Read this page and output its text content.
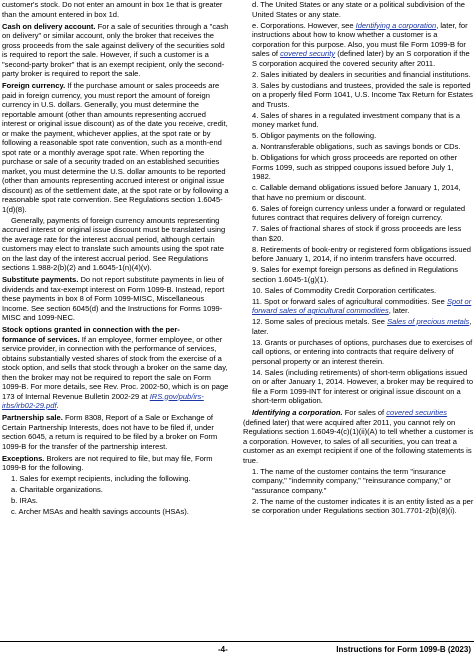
customer's stock. Do not enter an amount in box 1e that is greater than the amount entered in box 1d.

Cash on delivery account. For a sale of securities through a "cash on delivery" or similar account, only the broker that receives the gross proceeds from the sale against delivery of the securities sold is required to report the sale. However, if such a customer is a "second-party broker" that is an exempt recipient, only the second-party broker is required to report the sale.

Foreign currency. If the purchase amount or sales proceeds are paid in foreign currency, you must report the amount of foreign currency in U.S. dollars. Generally, you must determine the reportable amount (other than amounts representing accrued interest or original issue discount) as of the date you receive, credit, or make the payment, whichever applies, at the spot rate or by following a reasonable spot rate convention, such as a month-end spot rate or a monthly average spot rate. When reporting the purchase or sale of a security traded on an established securities market, you must determine the U.S. dollar amounts to be reported (other than amounts representing accrued interest or original issue discount) as of the settlement date, at the spot rate or by following a reasonable spot rate convention. See Regulations section 1.6045-1(d)(8).

Generally, payments of foreign currency amounts representing accrued interest or original issue discount must be translated using the average rate for the interest accrual period, although certain customers may elect to translate such amounts using the spot rate on the last day of the interest accrual period. See Regulations sections 1.988-2(b)(2) and 1.6045-1(n)(4)(v).

Substitute payments. Do not report substitute payments in lieu of dividends and tax-exempt interest on Form 1099-B. Instead, report these payments in box 8 of Form 1099-MISC, Miscellaneous Income. See section 6045(d) and the Instructions for Forms 1099-MISC and 1099-NEC.

Stock options granted in connection with the per-
formance of services. If an employee, former employee, or other service provider, in connection with the performance of services, obtains substantially vested shares of stock from the exercise of a stock option, and sells that stock through a broker on the same day, then the broker may not be required to report the sale on Form 1099-B. For more details, see Rev. Proc. 2002-50, which is on page 173 of Internal Revenue Bulletin 2002-29 at IRS.gov/pub/irs-irbs/irb02-29.pdf.

Partnership sale. Form 8308, Report of a Sale or Exchange of Certain Partnership Interests, does not have to be filed if, under section 6045, a return is required to be filed by a broker on Form 1099-B for the transfer of the partnership interest.

Exceptions. Brokers are not required to file, but may file, Form 1099-B for the following.

1. Sales for exempt recipients, including the following.

a. Charitable organizations.

b. IRAs.

c. Archer MSAs and health savings accounts (HSAs).

d. The United States or any state or a political subdivision of the United States or any state.

e. Corporations. However, see Identifying a corporation, later, for instructions about how to know whether a customer is a corporation for this purpose. Also, you must file Form 1099-B for sales of covered security (defined later) by an S corporation if the S corporation acquired the covered security after 2011.

2. Sales initiated by dealers in securities and financial institutions.

3. Sales by custodians and trustees, provided the sale is reported on a properly filed Form 1041, U.S. Income Tax Return for Estates and Trusts.

4. Sales of shares in a regulated investment company that is a money market fund.

5. Obligor payments on the following.

a. Nontransferable obligations, such as savings bonds or CDs.

b. Obligations for which gross proceeds are reported on other Forms 1099, such as stripped coupons issued before July 1, 1982.

c. Callable demand obligations issued before January 1, 2014, that have no premium or discount.

6. Sales of foreign currency unless under a forward or regulated futures contract that requires delivery of foreign currency.

7. Sales of fractional shares of stock if gross proceeds are less than $20.

8. Retirements of book-entry or registered form obligations issued before January 1, 2014, if no interim transfers have occurred.

9. Sales for exempt foreign persons as defined in Regulations section 1.6045-1(g)(1).

10. Sales of Commodity Credit Corporation certificates.

11. Spot or forward sales of agricultural commodities. See Spot or forward sales of agricultural commodities, later.

12. Some sales of precious metals. See Sales of precious metals, later.

13. Grants or purchases of options, purchases due to exercises of call options, or entering into contracts that require delivery of personal property or an interest therein.

14. Sales (including retirements) of short-term obligations issued on or after January 1, 2014. However, a broker may be required to file a Form 1099-INT for interest or original issue discount on a short-term obligation.

Identifying a corporation. For sales of covered securities (defined later) that were acquired after 2011, you cannot rely on Regulations section 1.6049-4(c)(1)(ii)(A) to tell whether a customer is a corporation. However, to sales of all securities, you can treat a customer as an exempt recipient if one of the following statements is true.

1. The name of the customer contains the term "insurance company," "indemnity company," "reinsurance company," or "assurance company."

2. The name of the customer indicates it is an entity listed as a per se corporation under Regulations section 301.7701-2(b)(8)(i).

-4-	Instructions for Form 1099-B (2023)
